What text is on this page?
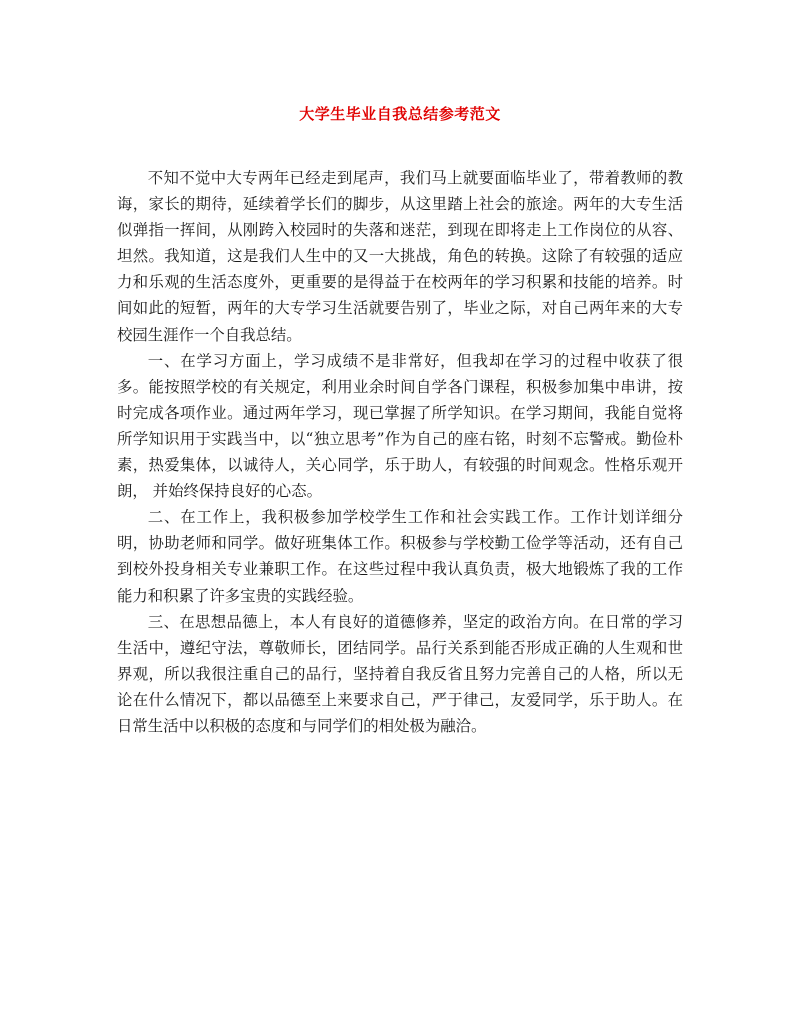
大学生毕业自我总结参考范文

不知不觉中大专两年已经走到尾声，我们马上就要面临毕业了，带着教师的教诲，家长的期待，延续着学长们的脚步，从这里踏上社会的旅途。两年的大专生活似弹指一挥间，从刚跨入校园时的失落和迷茫，到现在即将走上工作岗位的从容、坦然。我知道，这是我们人生中的又一大挑战，角色的转换。这除了有较强的适应力和乐观的生活态度外，更重要的是得益于在校两年的学习积累和技能的培养。时间如此的短暂，两年的大专学习生活就要告别了，毕业之际，对自己两年来的大专校园生涯作一个自我总结。

一、在学习方面上，学习成绩不是非常好，但我却在学习的过程中收获了很多。能按照学校的有关规定，利用业余时间自学各门课程，积极参加集中串讲，按时完成各项作业。通过两年学习，现已掌握了所学知识。在学习期间，我能自觉将所学知识用于实践当中，以“独立思考”作为自己的座右铭，时刻不忘警戒。勤俭朴素，热爱集体，以诚待人，关心同学，乐于助人，有较强的时间观念。性格乐观开朗， 并始终保持良好的心态。

二、在工作上，我积极参加学校学生工作和社会实践工作。工作计划详细分明，协助老师和同学。做好班集体工作。积极参与学校勤工俭学等活动，还有自己到校外投身相关专业兼职工作。在这些过程中我认真负责，极大地锻炼了我的工作能力和积累了许多宝贵的实践经验。

三、在思想品德上，本人有良好的道德修养，坚定的政治方向。在日常的学习生活中，遵纪守法，尊敬师长，团结同学。品行关系到能否形成正确的人生观和世界观，所以我很注重自己的品行，坚持着自我反省且努力完善自己的人格，所以无论在什么情况下，都以品德至上来要求自己，严于律己，友爱同学，乐于助人。在日常生活中以积极的态度和与同学们的相处极为融洽。
